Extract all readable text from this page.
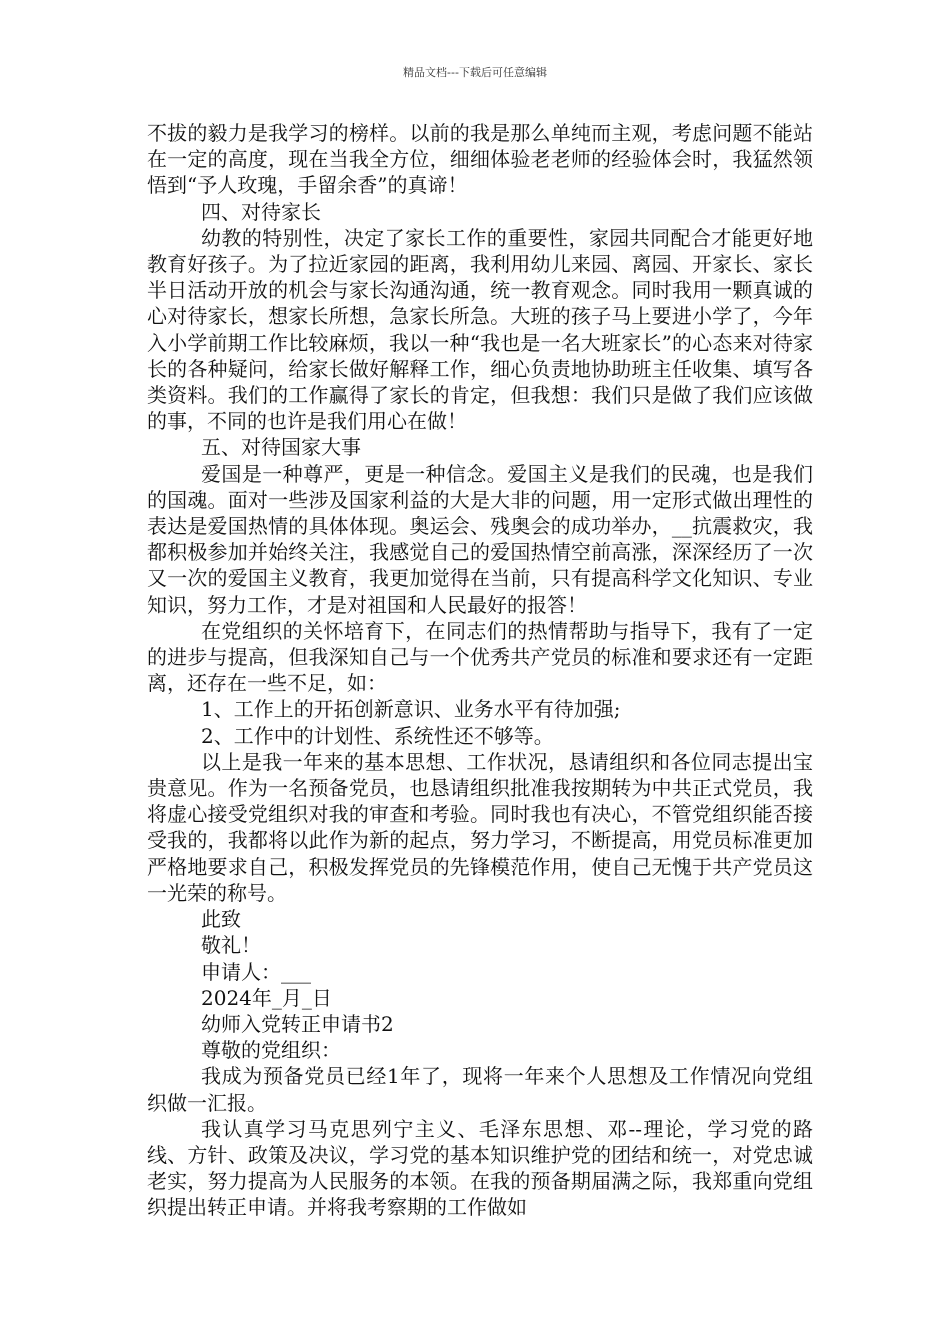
精品文档---下载后可任意编辑

不拔的毅力是我学习的榜样。以前的我是那么单纯而主观，考虑问题不能站在一定的高度，现在当我全方位，细细体验老老师的经验体会时，我猛然领悟到“予人玫瑰，手留余香”的真谛！

四、对待家长

幼教的特别性，决定了家长工作的重要性，家园共同配合才能更好地教育好孩子。为了拉近家园的距离，我利用幼儿来园、离园、开家长、家长半日活动开放的机会与家长沟通沟通，统一教育观念。同时我用一颗真诚的心对待家长，想家长所想，急家长所急。大班的孩子马上要进小学了，今年入小学前期工作比较麻烦，我以一种“我也是一名大班家长”的心态来对待家长的各种疑问，给家长做好解释工作，细心负责地协助班主任收集、填写各类资料。我们的工作赢得了家长的肯定，但我想：我们只是做了我们应该做的事，不同的也许是我们用心在做！

五、对待国家大事

爱国是一种尊严，更是一种信念。爱国主义是我们的民魂，也是我们的国魂。面对一些涉及国家利益的大是大非的问题，用一定形式做出理性的表达是爱国热情的具体体现。奥运会、残奥会的成功举办，__抗震救灾，我都积极参加并始终关注，我感觉自己的爱国热情空前高涨，深深经历了一次又一次的爱国主义教育，我更加觉得在当前，只有提高科学文化知识、专业知识，努力工作，才是对祖国和人民最好的报答！

在党组织的关怀培育下，在同志们的热情帮助与指导下，我有了一定的进步与提高，但我深知自己与一个优秀共产党员的标准和要求还有一定距离，还存在一些不足，如：

1、工作上的开拓创新意识、业务水平有待加强;

2、工作中的计划性、系统性还不够等。

以上是我一年来的基本思想、工作状况，恳请组织和各位同志提出宝贵意见。作为一名预备党员，也恳请组织批准我按期转为中共正式党员，我将虚心接受党组织对我的审查和考验。同时我也有决心，不管党组织能否接受我的，我都将以此作为新的起点，努力学习，不断提高，用党员标准更加严格地要求自己，积极发挥党员的先锋模范作用，使自己无愧于共产党员这一光荣的称号。

此致

敬礼！

申请人：___

2024年_月_日

幼师入党转正申请书2

尊敬的党组织：

我成为预备党员已经1年了，现将一年来个人思想及工作情况向党组织做一汇报。

我认真学习马克思列宁主义、毛泽东思想、邓--理论，学习党的路线、方针、政策及决议，学习党的基本知识维护党的团结和统一，对党忠诚老实，努力提高为人民服务的本领。在我的预备期届满之际，我郑重向党组织提出转正申请。并将我考察期的工作做如
